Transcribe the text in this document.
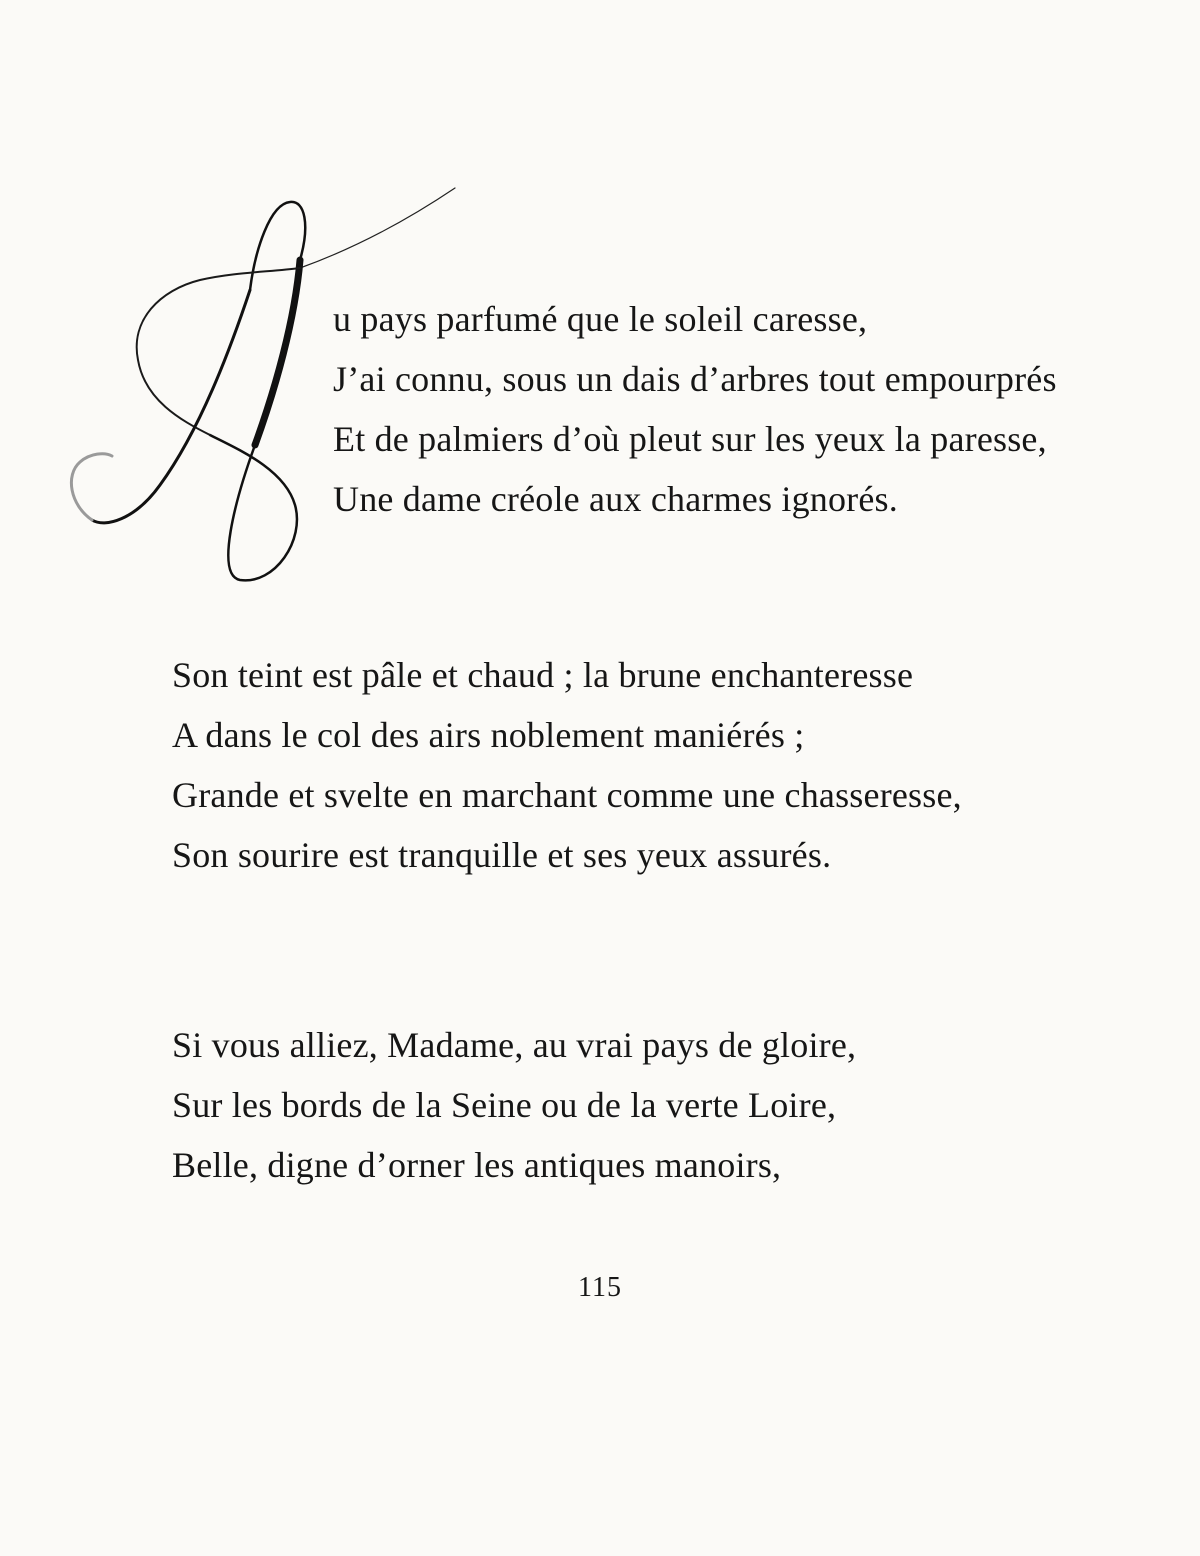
u pays parfumé que le soleil caresse,
J’ai connu, sous un dais d’arbres tout empourprés
Et de palmiers d’où pleut sur les yeux la paresse,
Une dame créole aux charmes ignorés.
Son teint est pâle et chaud ; la brune enchanteresse
A dans le col des airs noblement maniérés ;
Grande et svelte en marchant comme une chasseresse,
Son sourire est tranquille et ses yeux assurés.
Si vous alliez, Madame, au vrai pays de gloire,
Sur les bords de la Seine ou de la verte Loire,
Belle, digne d’orner les antiques manoirs,
115
